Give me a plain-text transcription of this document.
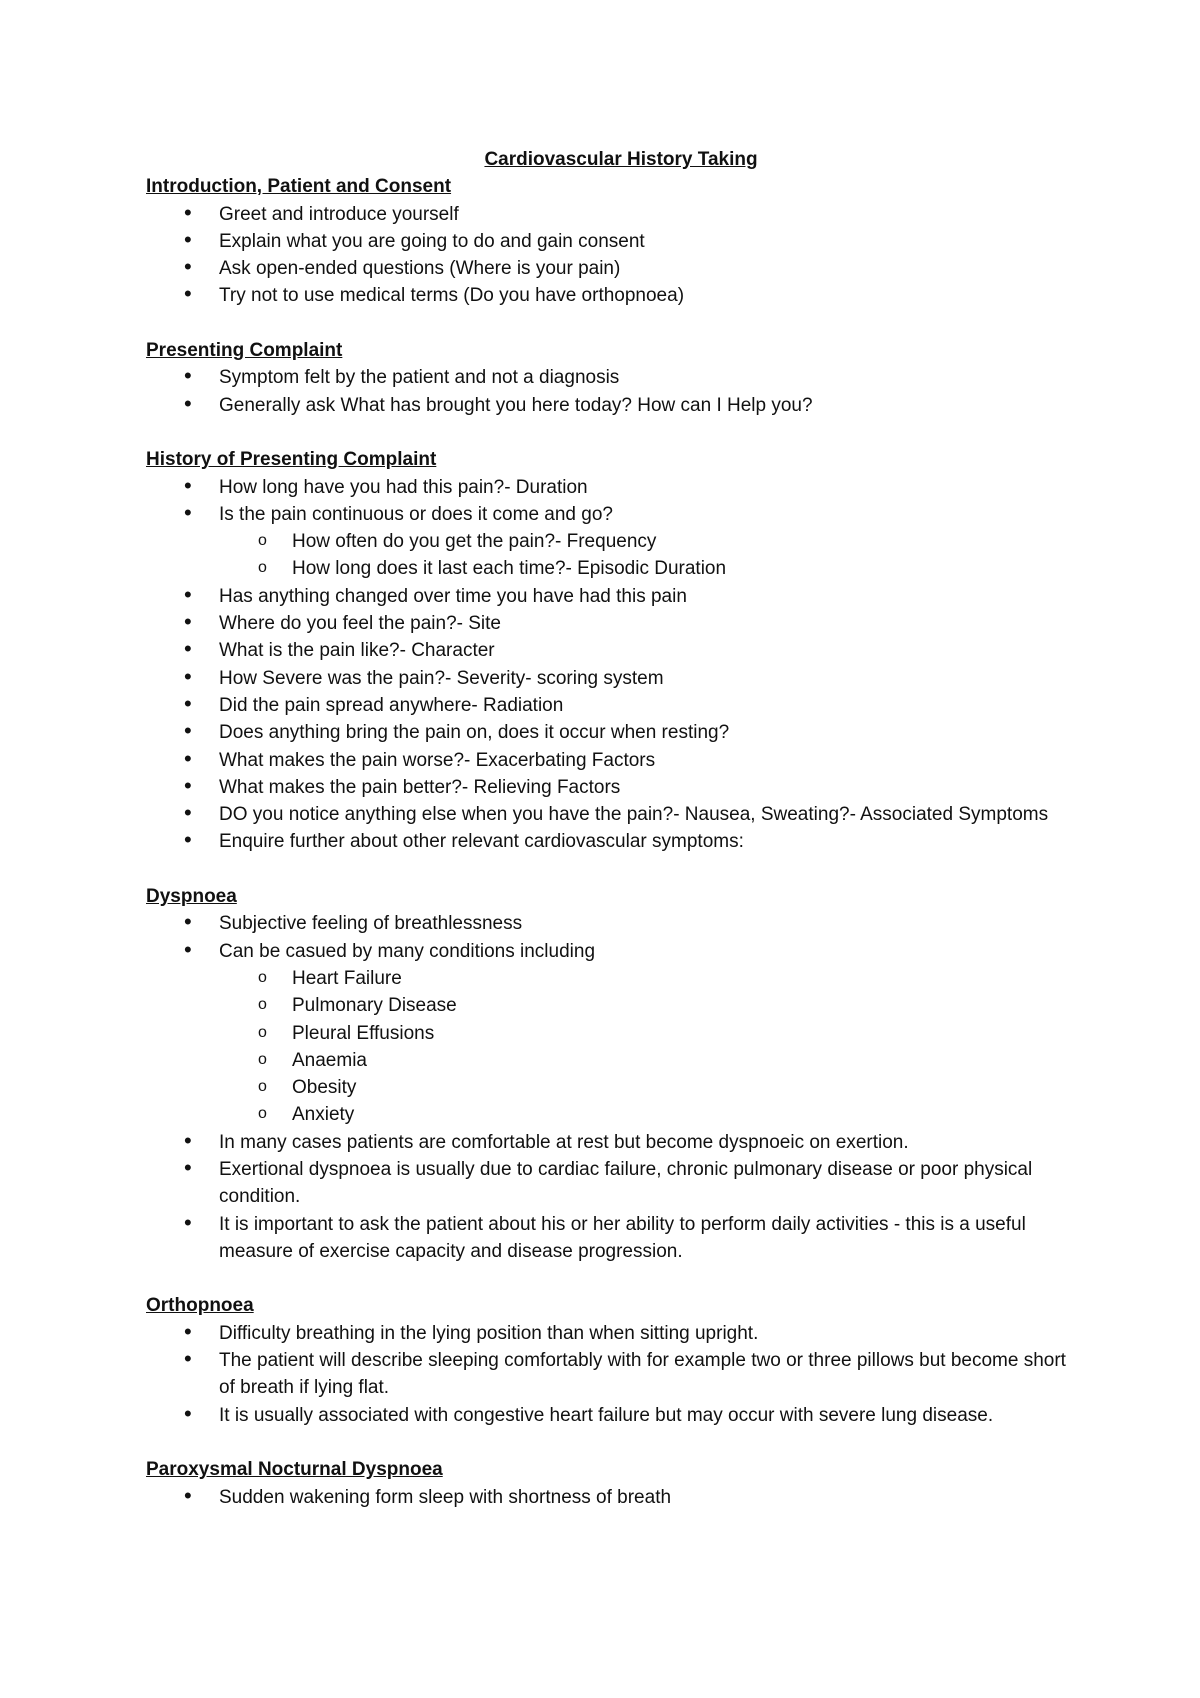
Cardiovascular History Taking

Introduction, Patient and Consent

• Greet and introduce yourself
• Explain what you are going to do and gain consent
• Ask open-ended questions (Where is your pain)
• Try not to use medical terms (Do you have orthopnoea)

Presenting Complaint

• Symptom felt by the patient and not a diagnosis
• Generally ask What has brought you here today? How can I Help you?

History of Presenting Complaint

• How long have you had this pain?- Duration
• Is the pain continuous or does it come and go?
o How often do you get the pain?- Frequency
o How long does it last each time?- Episodic Duration
• Has anything changed over time you have had this pain
• Where do you feel the pain?- Site
• What is the pain like?- Character
• How Severe was the pain?- Severity- scoring system
• Did the pain spread anywhere- Radiation
• Does anything bring the pain on, does it occur when resting?
• What makes the pain worse?- Exacerbating Factors
• What makes the pain better?- Relieving Factors
• DO you notice anything else when you have the pain?- Nausea, Sweating?- Associated Symptoms
• Enquire further about other relevant cardiovascular symptoms:

Dyspnoea

• Subjective feeling of breathlessness
• Can be casued by many conditions including
o Heart Failure
o Pulmonary Disease
o Pleural Effusions
o Anaemia
o Obesity
o Anxiety
• In many cases patients are comfortable at rest but become dyspnoeic on exertion.
• Exertional dyspnoea is usually due to cardiac failure, chronic pulmonary disease or poor physical condition.
• It is important to ask the patient about his or her ability to perform daily activities - this is a useful measure of exercise capacity and disease progression.

Orthopnoea

• Difficulty breathing in the lying position than when sitting upright.
• The patient will describe sleeping comfortably with for example two or three pillows but become short of breath if lying flat.
• It is usually associated with congestive heart failure but may occur with severe lung disease.

Paroxysmal Nocturnal Dyspnoea

• Sudden wakening form sleep with shortness of breath
